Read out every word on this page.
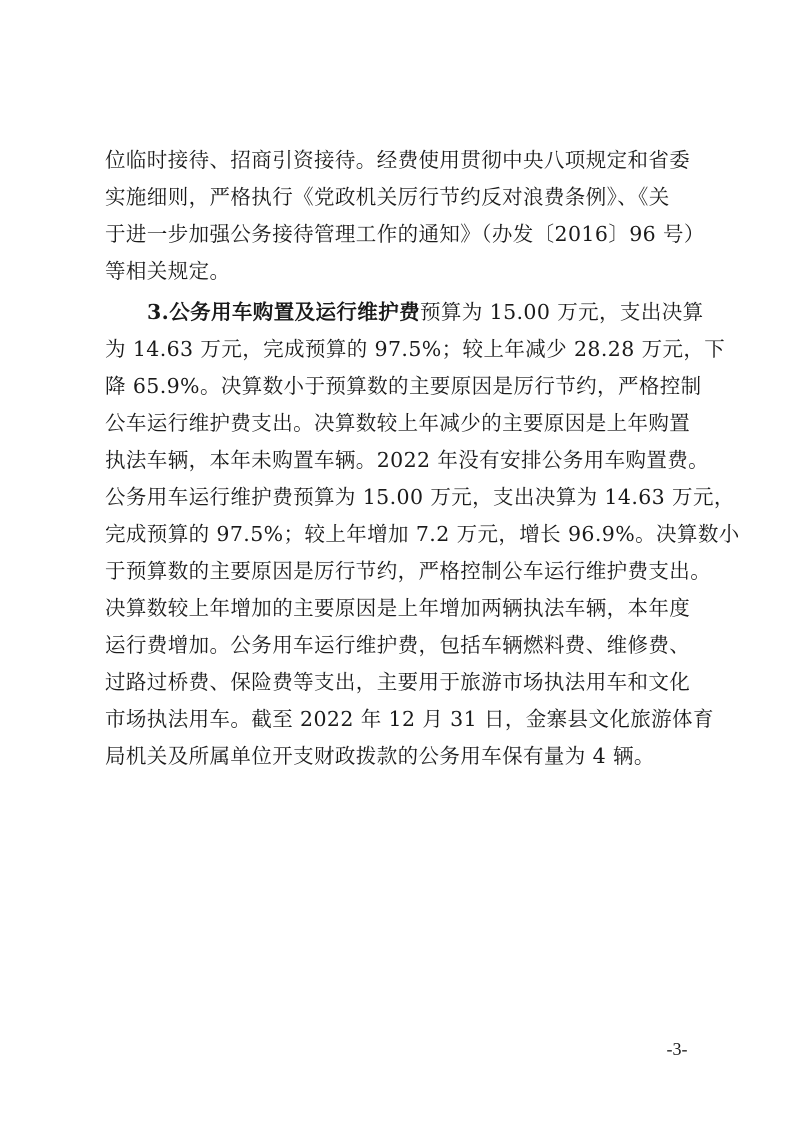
位临时接待、招商引资接待。经费使用贯彻中央八项规定和省委
实施细则，严格执行《党政机关厉行节约反对浪费条例》、《关
于进一步加强公务接待管理工作的通知》（办发〔2016〕96 号）
等相关规定。
3.公务用车购置及运行维护费预算为 15.00 万元，支出决算
为 14.63 万元，完成预算的 97.5%；较上年减少 28.28 万元，下
降 65.9%。决算数小于预算数的主要原因是厉行节约，严格控制
公车运行维护费支出。决算数较上年减少的主要原因是上年购置
执法车辆，本年未购置车辆。2022 年没有安排公务用车购置费。
公务用车运行维护费预算为 15.00 万元，支出决算为 14.63 万元，
完成预算的 97.5%；较上年增加 7.2 万元，增长 96.9%。决算数小
于预算数的主要原因是厉行节约，严格控制公车运行维护费支出。
决算数较上年增加的主要原因是上年增加两辆执法车辆，本年度
运行费增加。公务用车运行维护费，包括车辆燃料费、维修费、
过路过桥费、保险费等支出，主要用于旅游市场执法用车和文化
市场执法用车。截至 2022 年 12 月 31 日，金寨县文化旅游体育
局机关及所属单位开支财政拨款的公务用车保有量为 4 辆。
-3-
